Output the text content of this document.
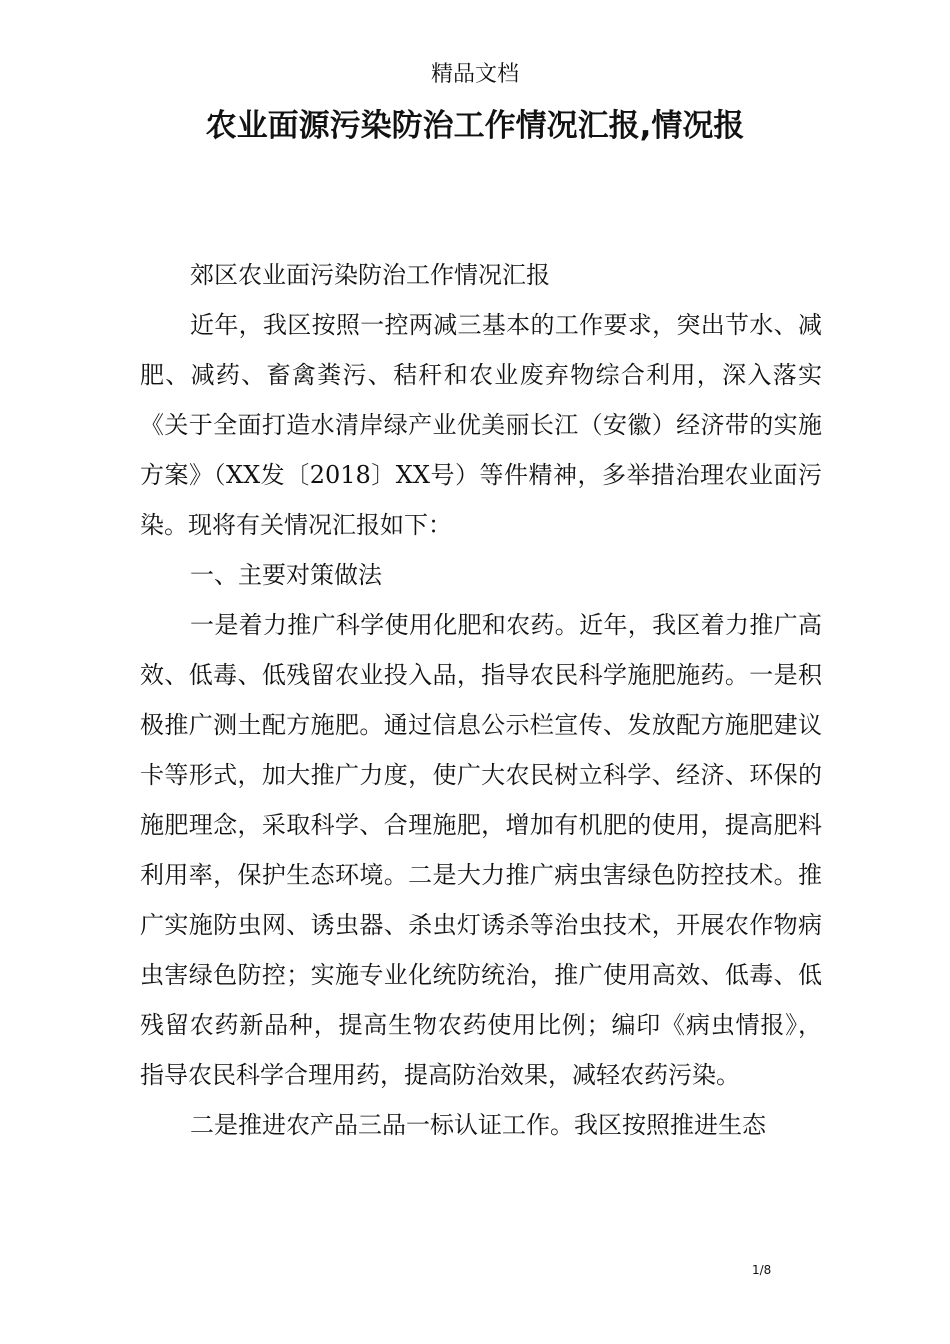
精品文档
农业面源污染防治工作情况汇报,情况报

郊区农业面污染防治工作情况汇报

近年，我区按照一控两减三基本的工作要求，突出节水、减肥、减药、畜禽粪污、秸秆和农业废弃物综合利用，深入落实《关于全面打造水清岸绿产业优美丽长江（安徽）经济带的实施方案》（XX发〔2018〕XX号）等件精神，多举措治理农业面污染。现将有关情况汇报如下：

一、主要对策做法

一是着力推广科学使用化肥和农药。近年，我区着力推广高效、低毒、低残留农业投入品，指导农民科学施肥施药。一是积极推广测土配方施肥。通过信息公示栏宣传、发放配方施肥建议卡等形式，加大推广力度，使广大农民树立科学、经济、环保的施肥理念，采取科学、合理施肥，增加有机肥的使用，提高肥料利用率，保护生态环境。二是大力推广病虫害绿色防控技术。推广实施防虫网、诱虫器、杀虫灯诱杀等治虫技术，开展农作物病虫害绿色防控；实施专业化统防统治，推广使用高效、低毒、低残留农药新品种，提高生物农药使用比例；编印《病虫情报》，指导农民科学合理用药，提高防治效果，减轻农药污染。

二是推进农产品三品一标认证工作。我区按照推进生态

1/8
